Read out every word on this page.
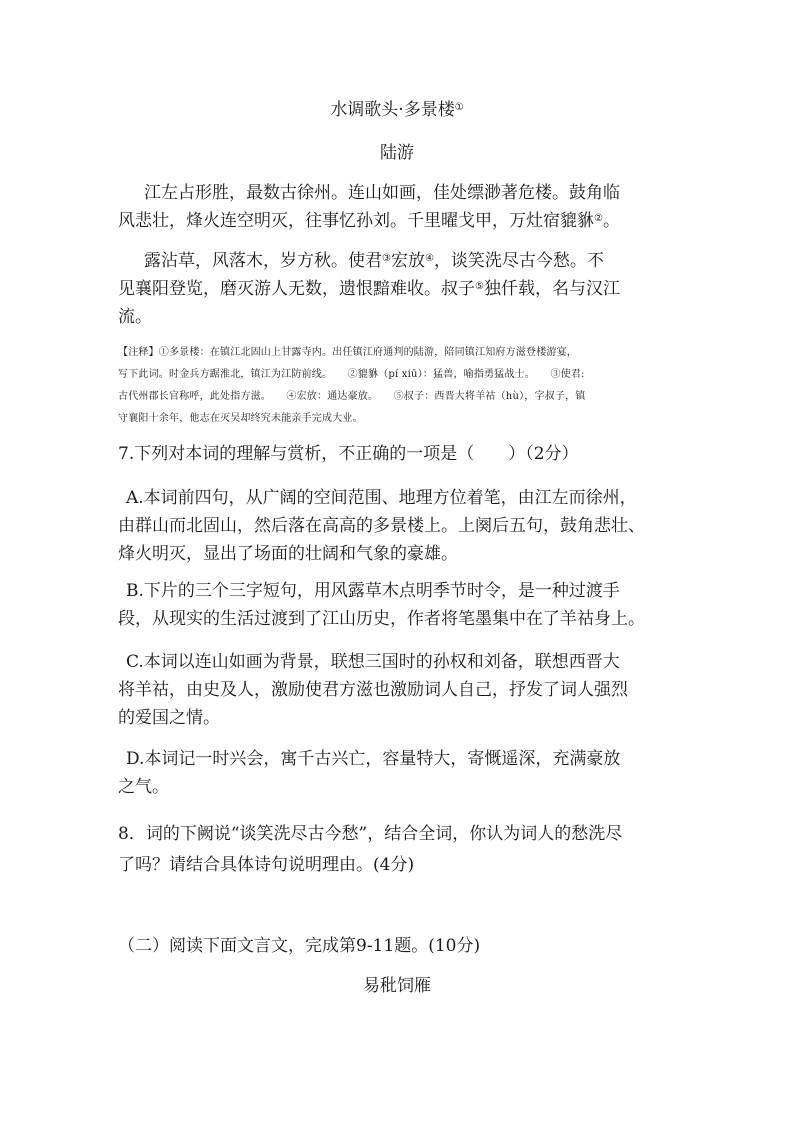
水调歌头·多景楼①
陆游
江左占形胜，最数古徐州。连山如画，佳处缥渺著危楼。鼓角临
风悲壮，烽火连空明灭，往事忆孙刘。千里曜戈甲，万灶宿貔貅②。
露沾草，风落木，岁方秋。使君③宏放④，谈笑洗尽古今愁。不
见襄阳登览，磨灭游人无数，遗恨黯难收。叔子⑤独仟载，名与汉江
流。
【注释】①多景楼：在镇江北固山上甘露寺内。出任镇江府通判的陆游，陪同镇江知府方滋登楼游宴，
写下此词。时金兵方踞淮北，镇江为江防前线。　　②貔貅（pí xiū）：猛兽，喻指勇猛战士。　　③使君:
古代州郡长官称呼，此处指方滋。　　④宏放：通达豪放。　　⑤叔子：西晋大将羊祜（hù），字叔子，镇
守襄阳十余年，他志在灭吴却终究未能亲手完成大业。
7.下列对本词的理解与赏析，不正确的一项是（　　）（2分）
A.本词前四句，从广阔的空间范围、地理方位着笔，由江左而徐州，
由群山而北固山，然后落在高高的多景楼上。上阕后五句，鼓角悲壮、
烽火明灭，显出了场面的壮阔和气象的豪雄。
B.下片的三个三字短句，用风露草木点明季节时令，是一种过渡手
段，从现实的生活过渡到了江山历史，作者将笔墨集中在了羊祜身上。
C.本词以连山如画为背景，联想三国时的孙权和刘备，联想西晋大
将羊祜，由史及人，激励使君方滋也激励词人自己，抒发了词人强烈
的爱国之情。
D.本词记一时兴会，寓千古兴亡，容量特大，寄慨遥深，充满豪放
之气。
8．词的下阙说“谈笑洗尽古今愁”，结合全词，你认为词人的愁洗尽
了吗？请结合具体诗句说明理由。(4分)
（二）阅读下面文言文，完成第9-11题。(10分)
易秕饲雁
